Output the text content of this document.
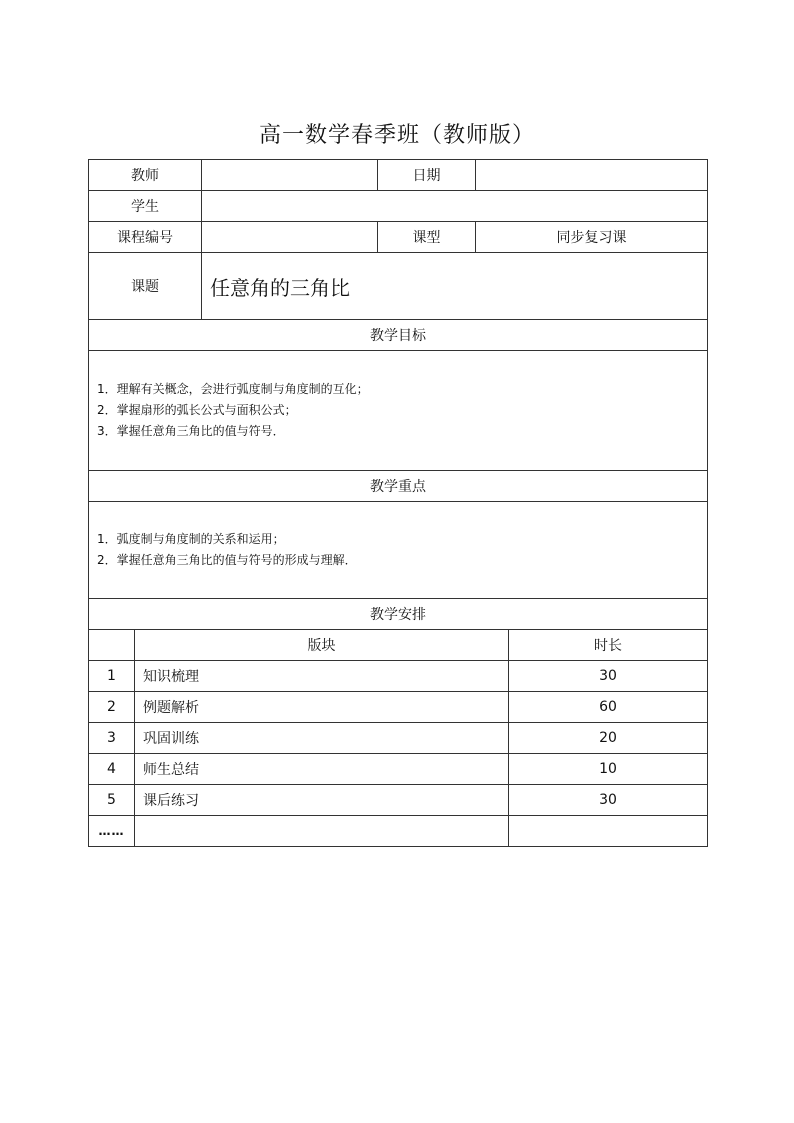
高一数学春季班（教师版）
教师			日期		
学生					
课程编号			课型	同步复习课	
课题		任意角的三角比			
教学目标					

1．理解有关概念，会进行弧度制与角度制的互化；
2．掌握扇形的弧长公式与面积公式；
3．掌握任意角三角比的值与符号．					

教学重点					

1．弧度制与角度制的关系和运用；
2．掌握任意角三角比的值与符号的形成与理解．					

教学安排					
	版块				时长
1	知识梳理				30
2	例题解析				60
3	巩固训练				20
4	师生总结				10
5	课后练习				30
……					
